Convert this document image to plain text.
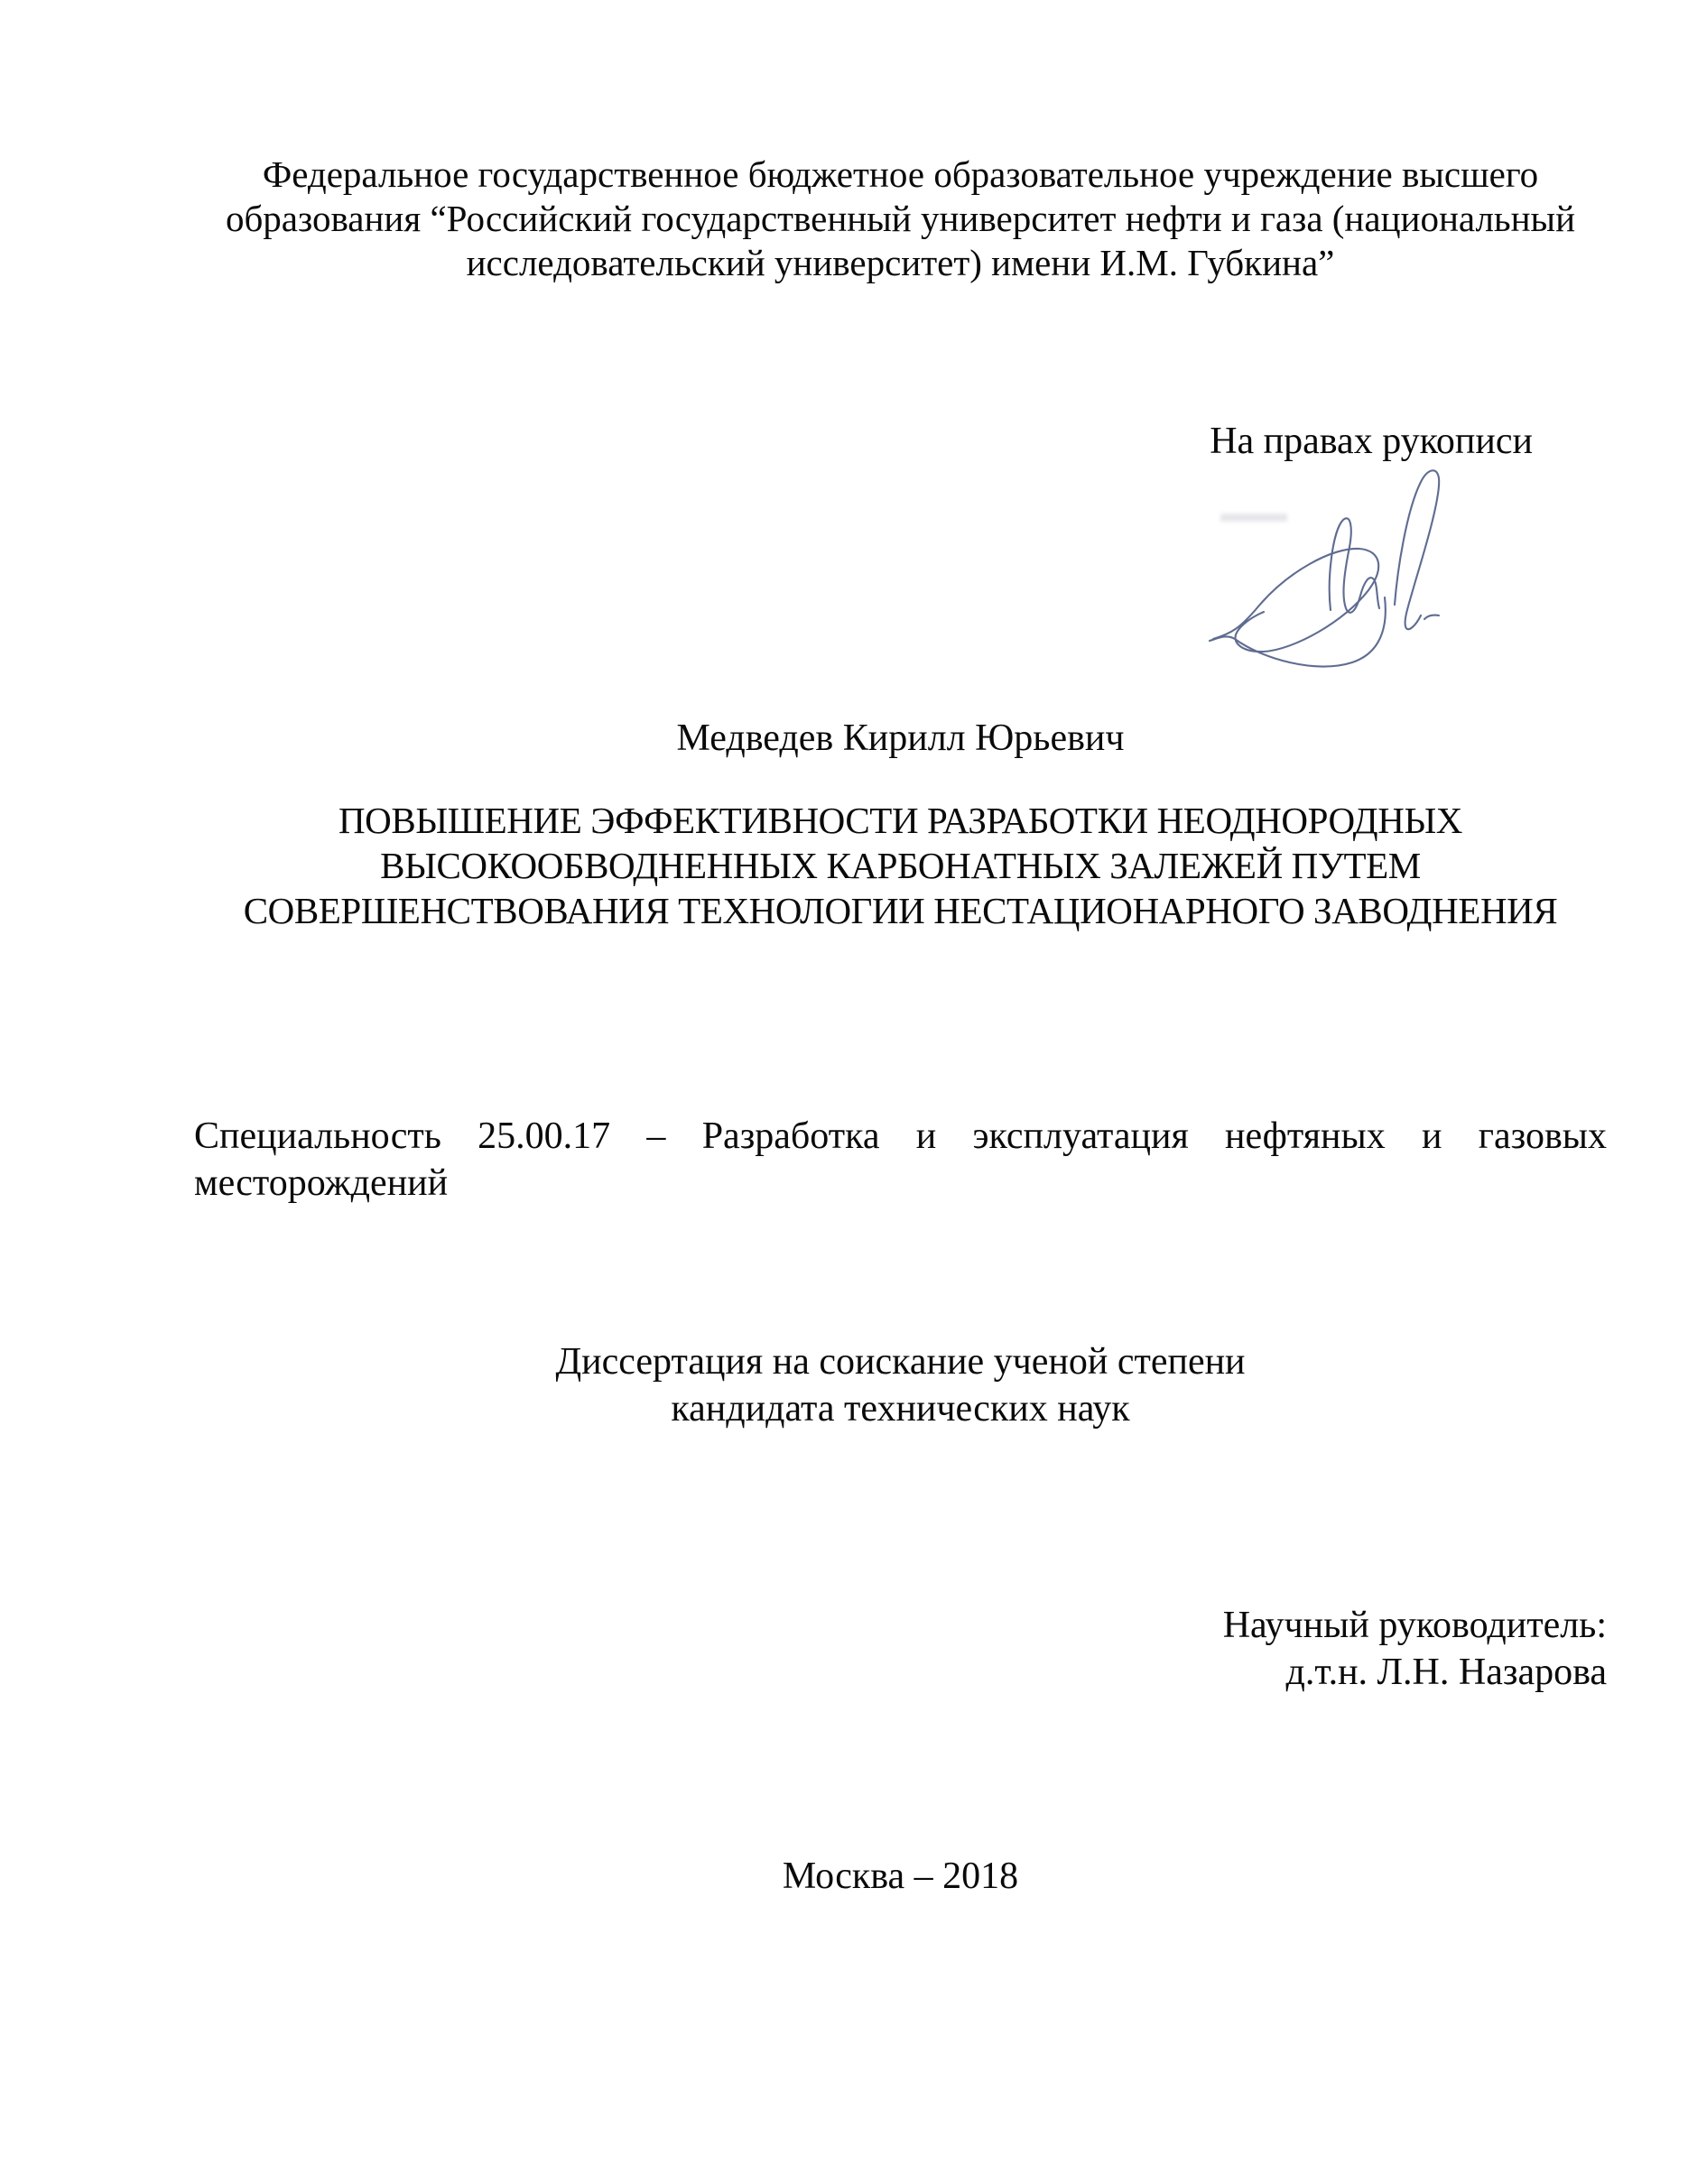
Федеральное государственное бюджетное образовательное учреждение высшего
образования “Российский государственный университет нефти и газа (национальный
исследовательский университет) имени И.М. Губкина”
На правах рукописи
Медведев Кирилл Юрьевич
ПОВЫШЕНИЕ ЭФФЕКТИВНОСТИ РАЗРАБОТКИ НЕОДНОРОДНЫХ
ВЫСОКООБВОДНЕННЫХ КАРБОНАТНЫХ ЗАЛЕЖЕЙ ПУТЕМ
СОВЕРШЕНСТВОВАНИЯ ТЕХНОЛОГИИ НЕСТАЦИОНАРНОГО ЗАВОДНЕНИЯ
Специальность 25.00.17 – Разработка и эксплуатация нефтяных и газовых
месторождений
Диссертация на соискание ученой степени
кандидата технических наук
Научный руководитель:
д.т.н. Л.Н. Назарова
Москва – 2018
